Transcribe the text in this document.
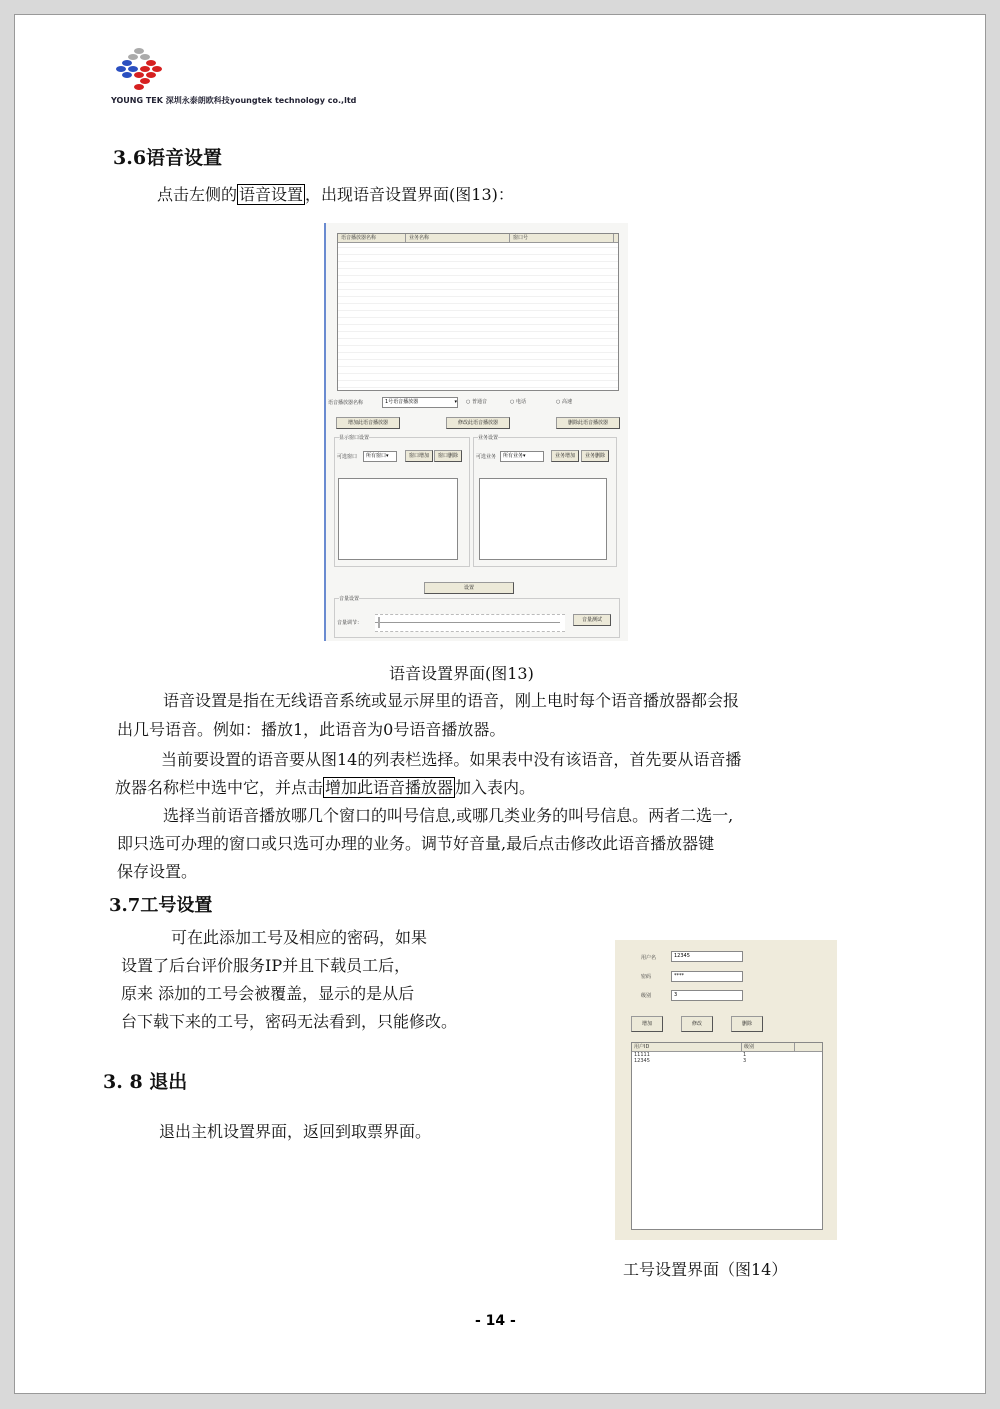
YOUNG TEK 深圳永泰朗欧科技youngtek technology co.,ltd
3.6语音设置
点击左侧的 语音设置 ，出现语音设置界面(图13)：
语音播放器名称	业务名称	窗口号
语音播放器名称	1号语音播放器	▾ ○ 普通音	○ 电话	○ 高速
增加此语音播放器	修改此语音播放器	删除此语音播放器
显示窗口设置
可选窗口	所有窗口▾	窗口增加	窗口删除
业务设置
可选业务	所有业务▾	业务增加	业务删除
设置
音量设置
音量调节：	音量测试
语音设置界面(图13)
语音设置是指在无线语音系统或显示屏里的语音，刚上电时每个语音播放器都会报
出几号语音。例如：播放1，此语音为0号语音播放器。
当前要设置的语音要从图14的列表栏选择。如果表中没有该语音，首先要从语音播
放器名称栏中选中它，并点击 增加此语音播放器 加入表内。
选择当前语音播放哪几个窗口的叫号信息,或哪几类业务的叫号信息。两者二选一,
即只选可办理的窗口或只选可办理的业务。调节好音量,最后点击修改此语音播放器键
保存设置。
3.7工号设置
可在此添加工号及相应的密码，如果
设置了后台评价服务IP并且下载员工后，
原来 添加的工号会被覆盖，显示的是从后
台下载下来的工号，密码无法看到，只能修改。
用户名	12345
密码	****
级别	3
增加	修改	删除
用户ID	级别
11111	1
12345	3
工号设置界面（图14）
3. 8 退出
退出主机设置界面，返回到取票界面。
- 14 -
